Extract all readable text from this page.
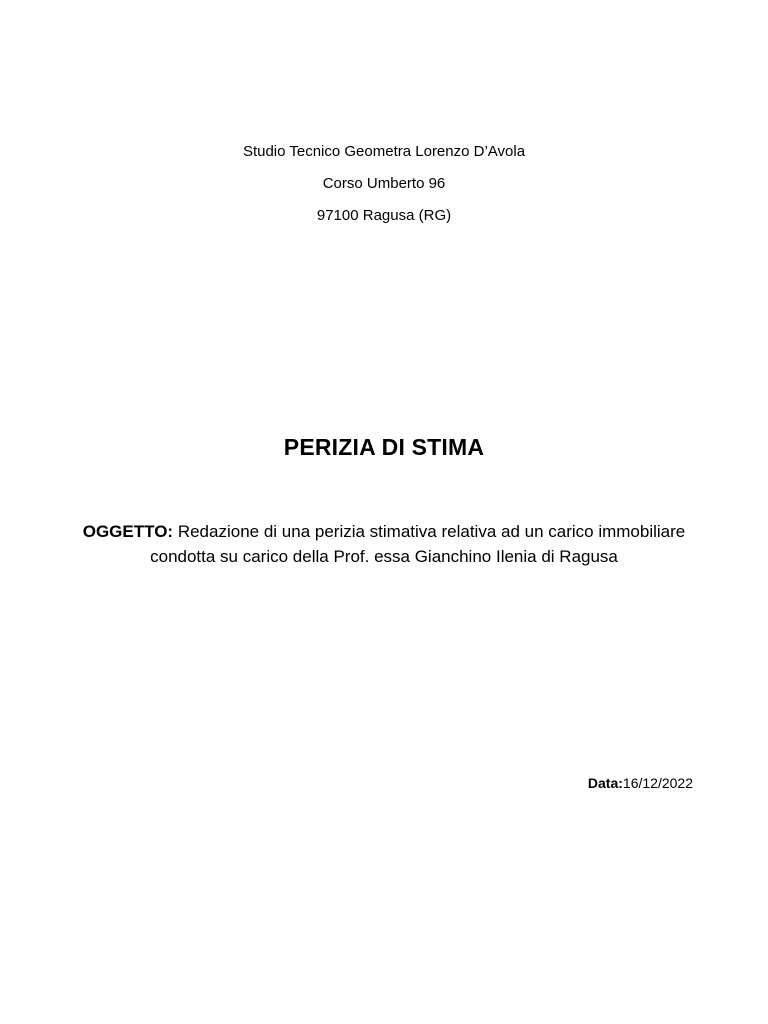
Studio Tecnico Geometra Lorenzo D’Avola
Corso Umberto 96
97100 Ragusa (RG)
PERIZIA DI STIMA
OGGETTO: Redazione di una perizia stimativa relativa ad un carico immobiliare condotta su carico della Prof. essa Gianchino Ilenia di Ragusa
Data:16/12/2022
